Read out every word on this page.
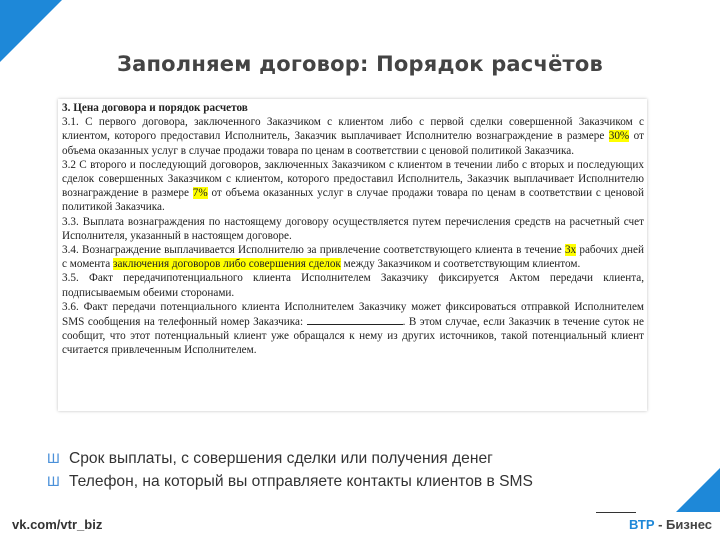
Заполняем договор: Порядок расчётов

3. Цена договора и порядок расчетов

3.1. С первого договора, заключенного Заказчиком с клиентом либо с первой сделки совершенной Заказчиком с клиентом, которого предоставил Исполнитель, Заказчик выплачивает Исполнителю вознаграждение в размере 30% от объема оказанных услуг в случае продажи товара по ценам в соответствии с ценовой политикой Заказчика.

3.2 С второго и последующий договоров, заключенных Заказчиком с клиентом в течении либо с вторых и последующих сделок совершенных Заказчиком с клиентом, которого предоставил Исполнитель, Заказчик выплачивает Исполнителю вознаграждение в размере 7% от объема оказанных услуг в случае продажи товара по ценам в соответствии с ценовой политикой Заказчика.

3.3. Выплата вознаграждения по настоящему договору осуществляется путем перечисления средств на расчетный счет Исполнителя, указанный в настоящем договоре.

3.4. Вознаграждение выплачивается Исполнителю за привлечение соответствующего клиента в течение 3х рабочих дней с момента заключения договоров либо совершения сделок между Заказчиком и соответствующим клиентом.

3.5. Факт передачипотенциального клиента Исполнителем Заказчику фиксируется Актом передачи клиента, подписываемым обеими сторонами.

3.6. Факт передачи потенциального клиента Исполнителем Заказчику может фиксироваться отправкой Исполнителем SMS сообщения на телефонный номер Заказчика:	. В этом случае, если Заказчик в течение суток не сообщит, что этот потенциальный клиент уже обращался к нему из других источников, такой потенциальный клиент считается привлеченным Исполнителем.

Ш Срок выплаты, с совершения сделки или получения денег
Ш Телефон, на который вы отправляете контакты клиентов в SMS
vk.com/vtr_biz	ВТР - Бизнес
